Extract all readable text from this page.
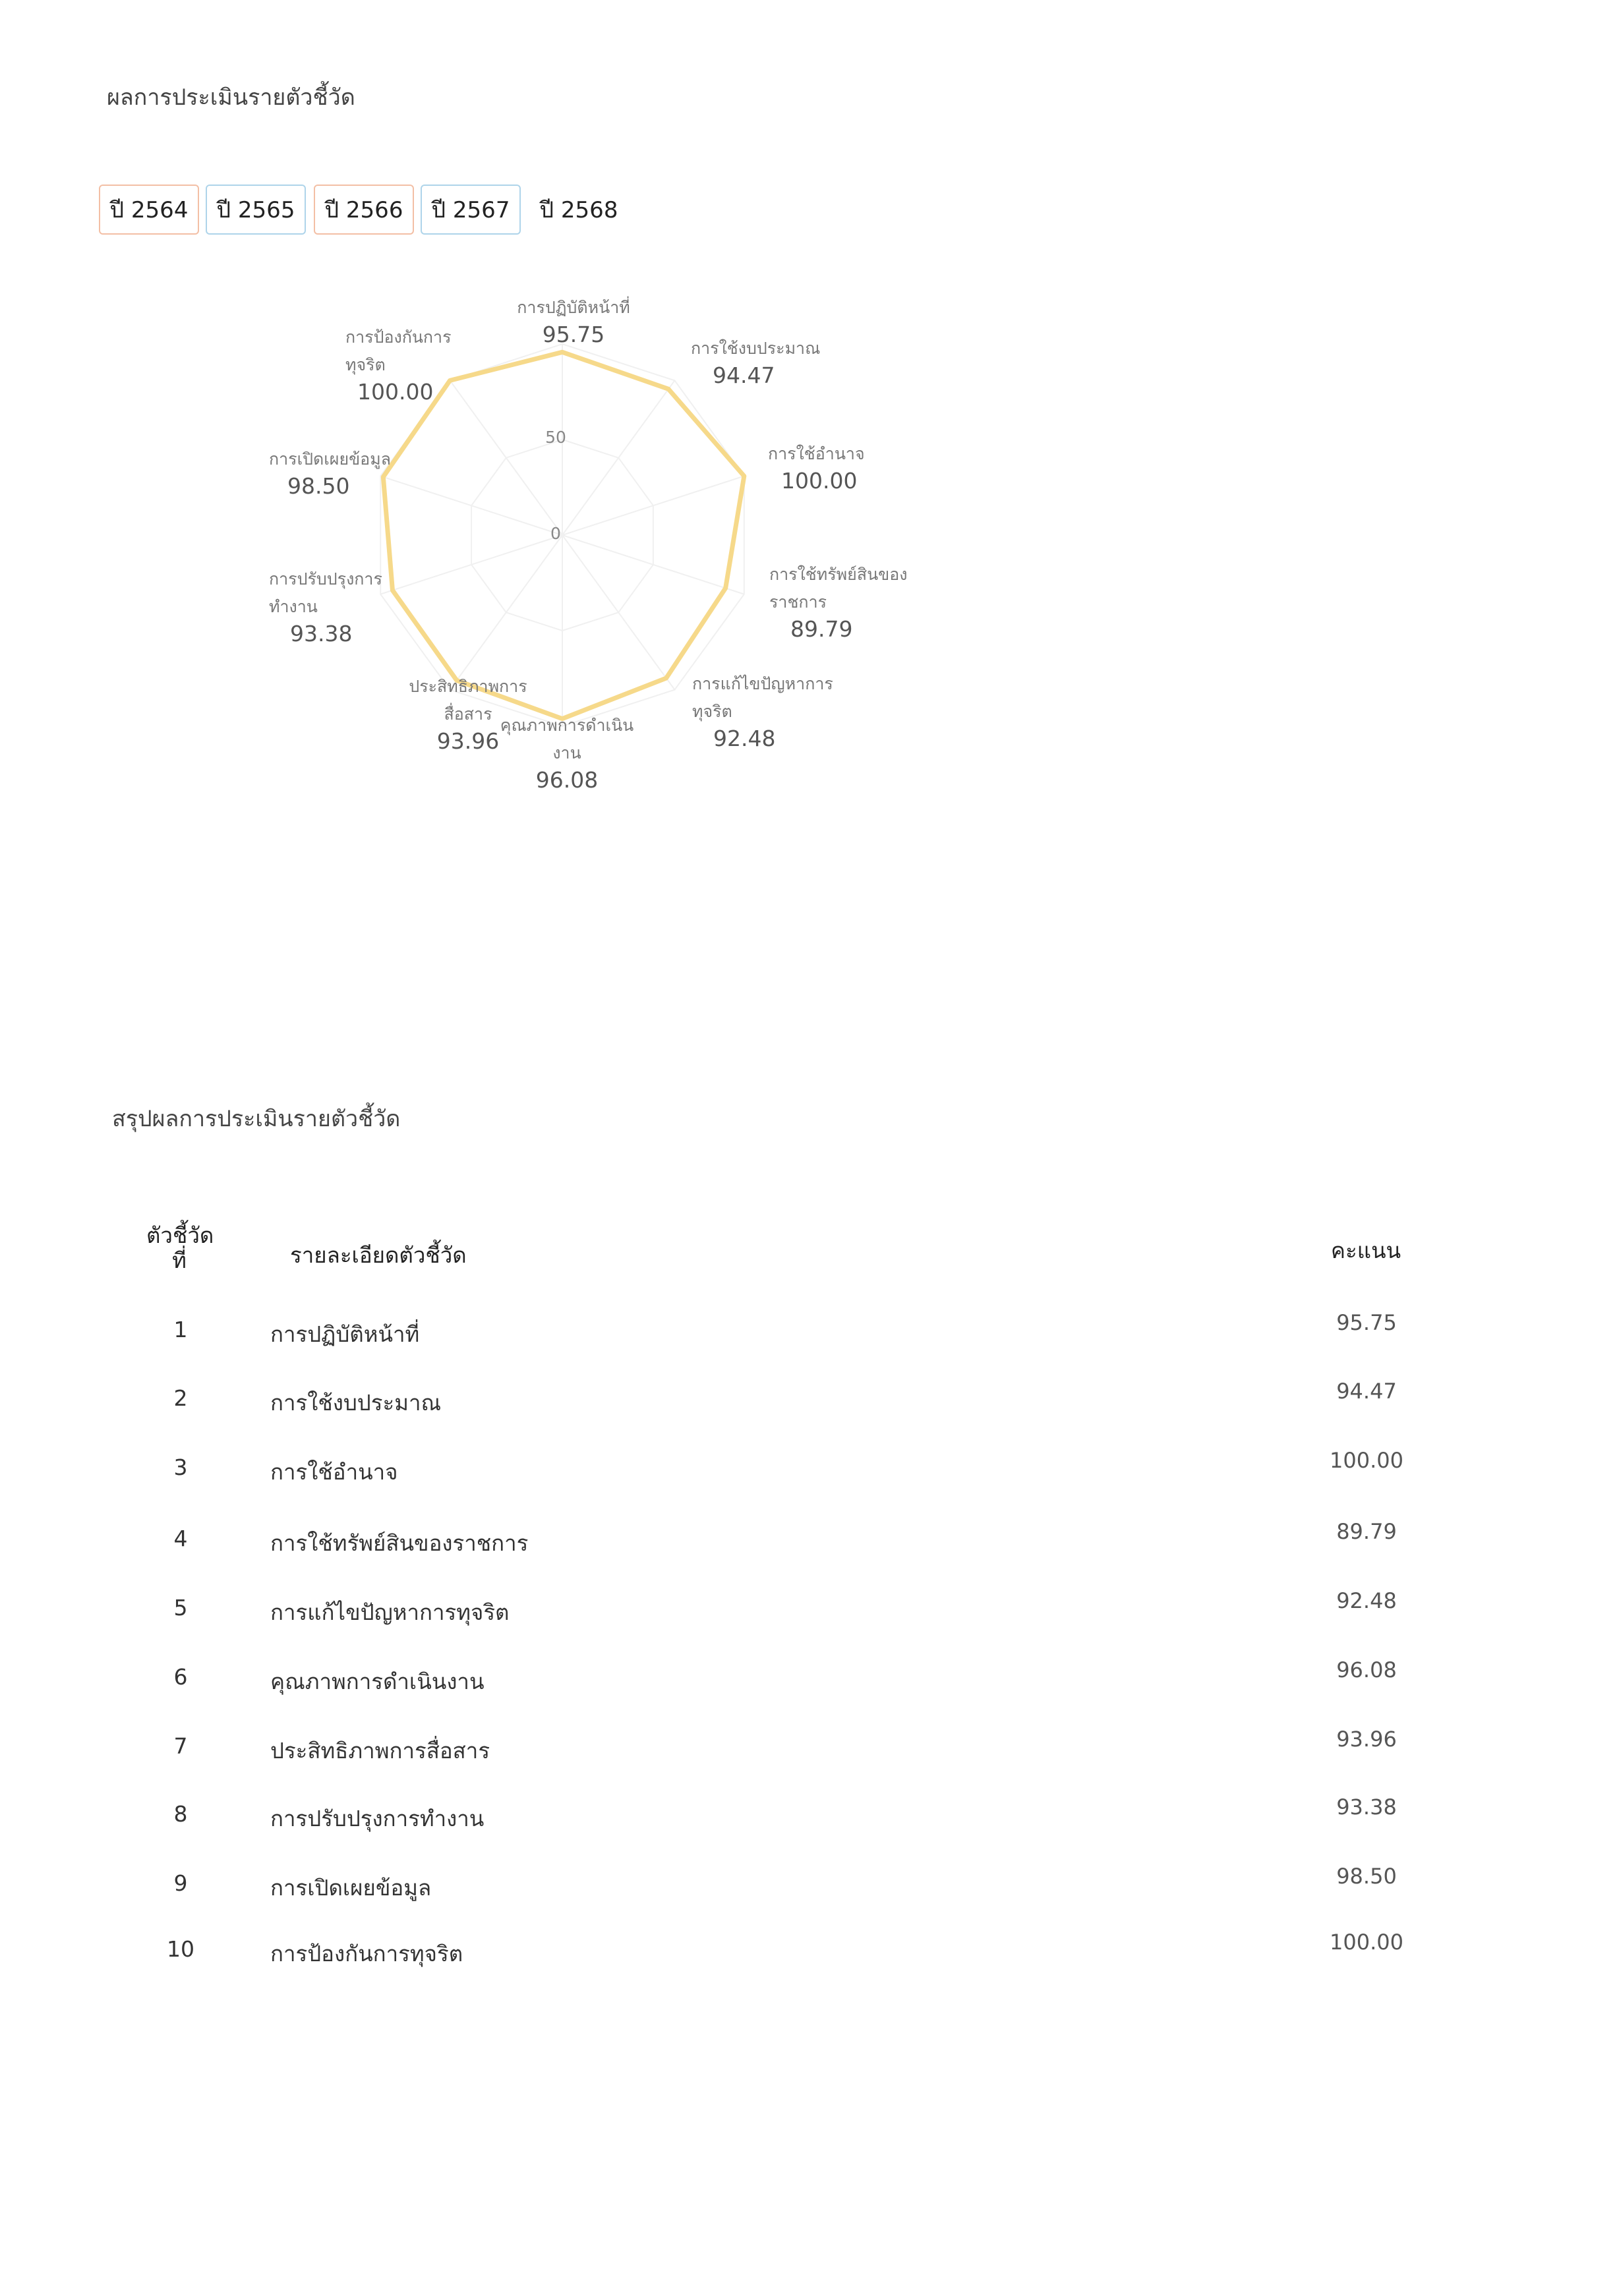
ผลการประเมินรายตัวชี้วัด
ปี 2564	ปี 2565	ปี 2566	ปี 2567	ปี 2568
50
0
การปฏิบัติหน้าที่
95.75
การใช้งบประมาณ
94.47
การใช้อำนาจ
100.00
การใช้ทรัพย์สินของ
ราชการ
89.79
การแก้ไขปัญหาการ
ทุจริต
92.48
คุณภาพการดำเนิน
งาน
96.08
ประสิทธิภาพการ
สื่อสาร
93.96
การปรับปรุงการ
ทำงาน
93.38
การเปิดเผยข้อมูล
98.50
การป้องกันการ
ทุจริต
100.00
สรุปผลการประเมินรายตัวชี้วัด
ตัวชี้วัด
ที่	รายละเอียดตัวชี้วัด	คะแนน
1	การปฏิบัติหน้าที่	95.75
2	การใช้งบประมาณ	94.47
3	การใช้อำนาจ	100.00
4	การใช้ทรัพย์สินของราชการ	89.79
5	การแก้ไขปัญหาการทุจริต	92.48
6	คุณภาพการดำเนินงาน	96.08
7	ประสิทธิภาพการสื่อสาร	93.96
8	การปรับปรุงการทำงาน	93.38
9	การเปิดเผยข้อมูล	98.50
10	การป้องกันการทุจริต	100.00
